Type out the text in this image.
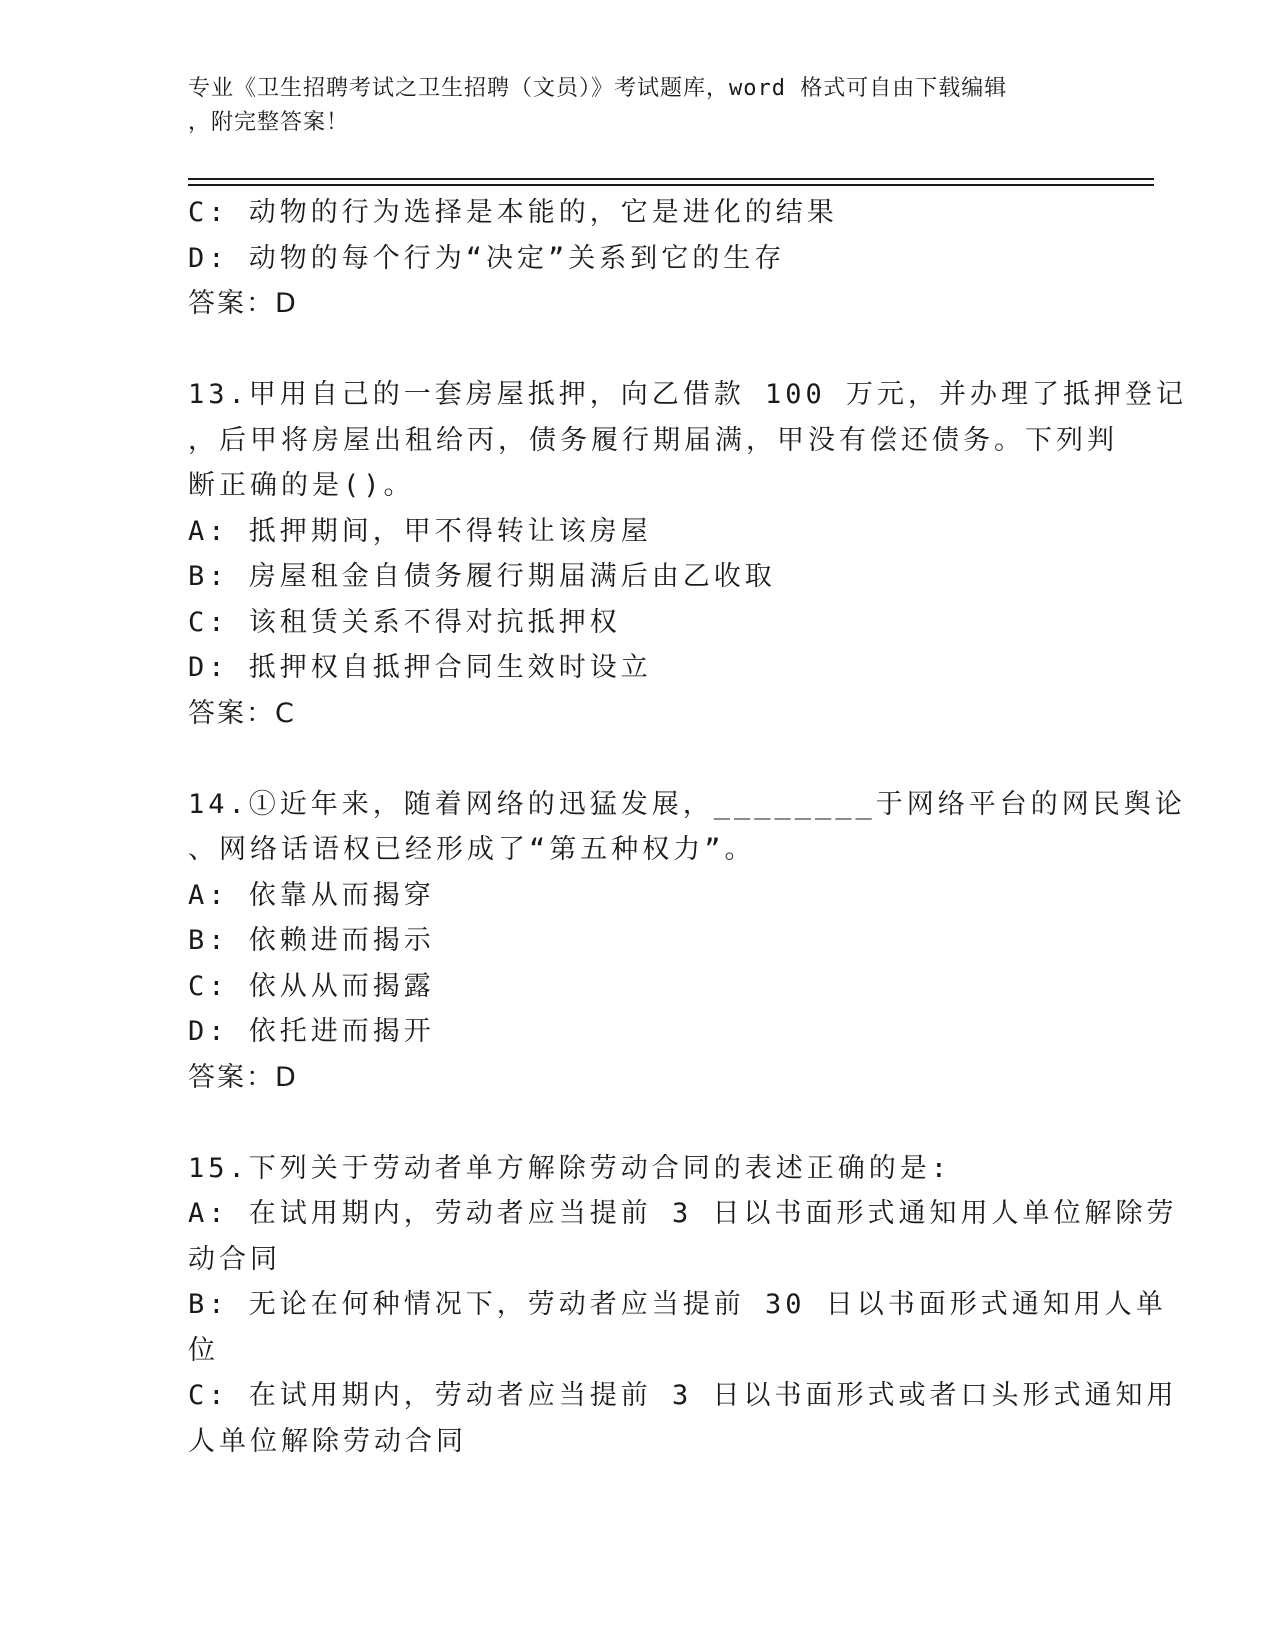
专业《卫生招聘考试之卫生招聘（文员）》考试题库，word 格式可自由下载编辑
，附完整答案！
C: 动物的行为选择是本能的，它是进化的结果
D: 动物的每个行为“决定”关系到它的生存
答案：D
13.甲用自己的一套房屋抵押，向乙借款 100 万元，并办理了抵押登记
，后甲将房屋出租给丙，债务履行期届满，甲没有偿还债务。下列判
断正确的是()。
A: 抵押期间，甲不得转让该房屋
B: 房屋租金自债务履行期届满后由乙收取
C: 该租赁关系不得对抗抵押权
D: 抵押权自抵押合同生效时设立
答案：C
14.①近年来，随着网络的迅猛发展，________于网络平台的网民舆论
、网络话语权已经形成了“第五种权力”。
A: 依靠从而揭穿
B: 依赖进而揭示
C: 依从从而揭露
D: 依托进而揭开
答案：D
15.下列关于劳动者单方解除劳动合同的表述正确的是:
A: 在试用期内，劳动者应当提前 3 日以书面形式通知用人单位解除劳
动合同
B: 无论在何种情况下，劳动者应当提前 30 日以书面形式通知用人单
位
C: 在试用期内，劳动者应当提前 3 日以书面形式或者口头形式通知用
人单位解除劳动合同
